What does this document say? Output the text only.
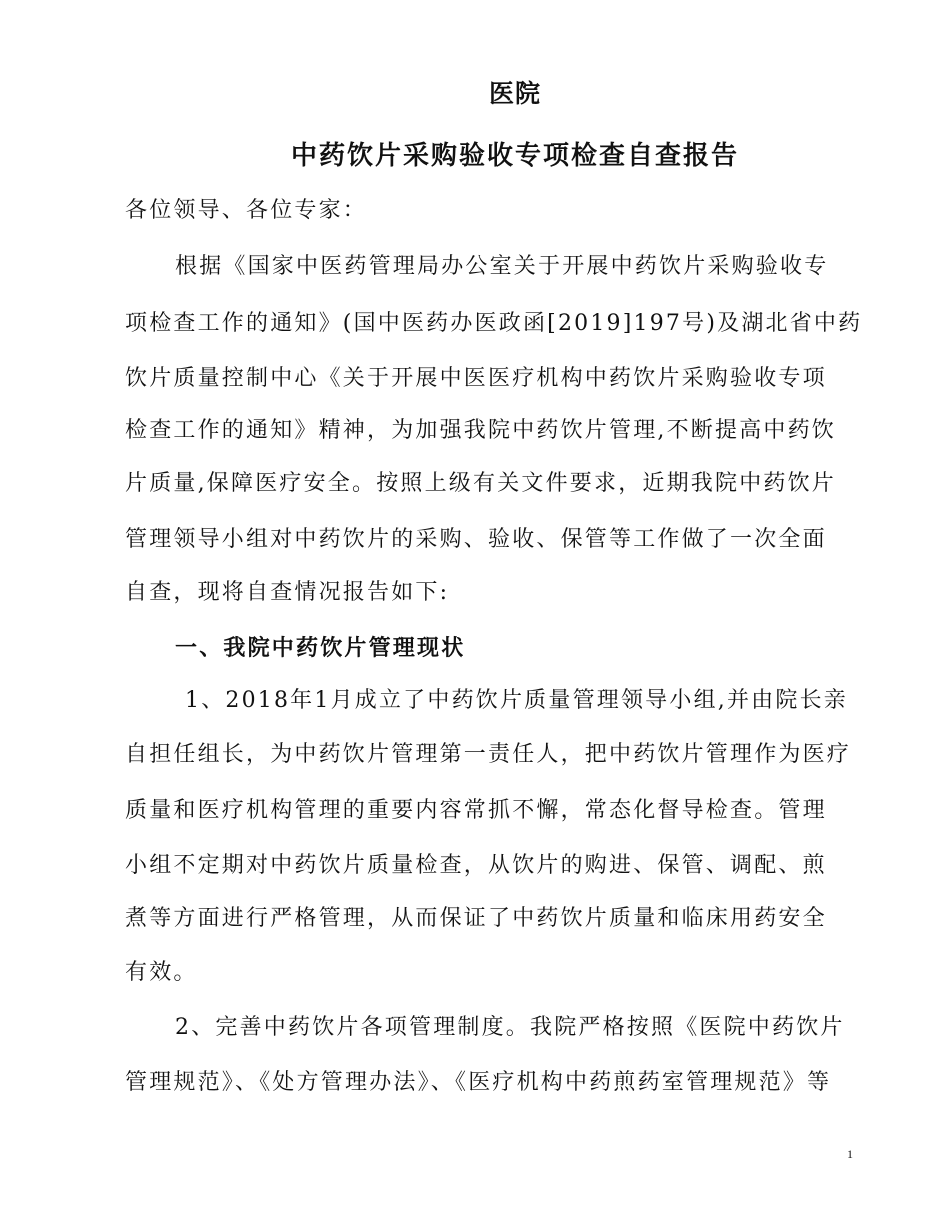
医院
中药饮片采购验收专项检查自查报告
各位领导、各位专家：
根据《国家中医药管理局办公室关于开展中药饮片采购验收专
项检查工作的通知》(国中医药办医政函[2019]197号)及湖北省中药
饮片质量控制中心《关于开展中医医疗机构中药饮片采购验收专项
检查工作的通知》精神，为加强我院中药饮片管理,不断提高中药饮
片质量,保障医疗安全。按照上级有关文件要求，近期我院中药饮片
管理领导小组对中药饮片的采购、验收、保管等工作做了一次全面
自查，现将自查情况报告如下:
一、我院中药饮片管理现状
1、2018年1月成立了中药饮片质量管理领导小组,并由院长亲
自担任组长，为中药饮片管理第一责任人，把中药饮片管理作为医疗
质量和医疗机构管理的重要内容常抓不懈，常态化督导检查。管理
小组不定期对中药饮片质量检查，从饮片的购进、保管、调配、煎
煮等方面进行严格管理，从而保证了中药饮片质量和临床用药安全
有效。
2、完善中药饮片各项管理制度。我院严格按照《医院中药饮片
管理规范》、《处方管理办法》、《医疗机构中药煎药室管理规范》等
1
